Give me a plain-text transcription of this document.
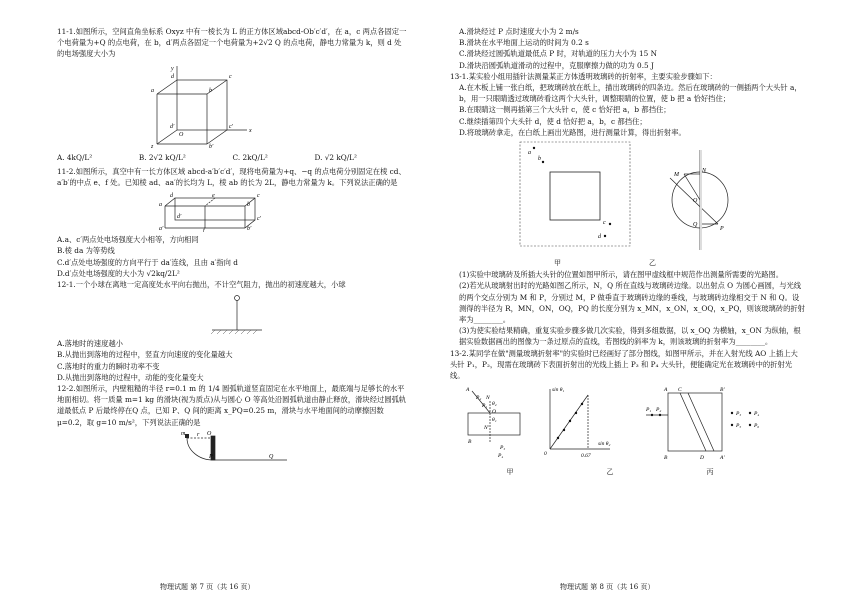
11-1.如图所示，空间直角坐标系 Oxyz 中有一棱长为 L 的正方体区域abcd-Ob′c′d′，在 a，c 两点各固定一个电荷量为+Q 的点电荷，在 b，d′两点各固定一个电荷量为+2√2 Q 的点电荷，静电力常量为 k，则 d 处的电场强度大小为

y
d	c
a	b
d′	c′
O
b′
z
x
A. 4kQ/L²	B. 2√2 kQ/L²	C. 2kQ/L²	D. √2 kQ/L²

11-2.如图所示，真空中有一长方体区域 abcd-a′b′c′d′，现将电荷量为+q、−q 的点电荷分别固定在棱 cd、a′b′的中点 e、f 处。已知棱 ad、aa′的长均为 L，棱 ab 的长为 2L，静电力常量为 k。下列说法正确的是

d	e	c
a	b
d′	c′
a′	f	b′

A.a、c′两点处电场强度大小相等，方向相同

B.棱 da 为等势线

C.d′点处电场强度的方向平行于 da′连线，且由 a′指向 d

D.d′点处电场强度的大小为 √2kq/2L²

12-1.一个小球在离地一定高度处水平向右抛出，不计空气阻力，抛出的初速度越大，小球

A.落地时的速度越小

B.从抛出到落地的过程中，竖直方向速度的变化量越大

C.落地时的重力的瞬时功率不变

D.从抛出到落地的过程中，动能的变化量变大

12-2.如图所示，内壁粗糙的半径 r=0.1 m 的 1/4 圆弧轨道竖直固定在水平地面上，最底端与足够长的水平地面相切。将一质量 m=1 kg 的滑块(视为质点)从与圆心 O 等高处沿圆弧轨道由静止释放，滑块经过圆弧轨道最低点 P 后最终停在Q 点，已知 P、Q 间的距离 x_PQ=0.25 m，滑块与水平地面间的动摩擦因数 μ=0.2，取 g=10 m/s²，下列说法正确的是

m r O
P	Q
物理试题 第 7 页（共 16 页）

A.滑块经过 P 点时速度大小为 2 m/s

B.滑块在水平地面上运动的时间为 0.2 s

C.滑块经过圆弧轨道最低点 P 时，对轨道的压力大小为 15 N

D.滑块沿圆弧轨道滑动的过程中，克服摩擦力做的功为 0.5 J

13-1.某实验小组用插针法测量某正方体透明玻璃砖的折射率，主要实验步骤如下：

A.在木板上铺一张白纸，把玻璃砖放在纸上，描出玻璃砖的四条边。然后在玻璃砖的一侧插两个大头针 a，b，用一只眼睛透过玻璃砖看这两个大头针，调整眼睛的位置，使 b 把 a 恰好挡住；

B.在眼睛这一侧再插第三个大头针 c，使 c 恰好把 a，b 都挡住；

C.继续插第四个大头针 d，使 d 恰好把 a，b，c 都挡住；

D.将玻璃砖拿走，在白纸上画出光路图，进行测量计算，得出折射率。

a
b
c
d
M
N
O
Q
P
甲	乙

(1)实验中玻璃砖及所插大头针的位置如图甲所示，请在图甲虚线框中规范作出测量所需要的光路图。

(2)若光从玻璃射出时的光路如图乙所示，N，Q 所在直线与玻璃砖边缘。以出射点 O 为圆心画圆，与光线的两个交点分别为 M 和 P，分别过 M，P 做垂直于玻璃砖边缘的垂线，与玻璃砖边缘相交于 N 和 Q。设测得的半径为 R，MN，ON，OQ，PQ 的长度分别为 x_MN，x_ON，x_OQ，x_PQ，则该玻璃砖的折射率为________。

(3)为使实验结果精确，重复实验步骤多做几次实验，得到多组数据，以 x_OQ 为横轴，x_ON 为纵轴，根据实验数据画出的图像为一条过原点的直线，若图线的斜率为 k，则该玻璃的折射率为________。

13-2.某同学在做"测量玻璃折射率"的实验时已经画好了部分图线，如图甲所示，并在入射光线 AO 上插上大头针 P₁，P₂，现需在玻璃砖下表面折射出的光线上插上 P₃ 和 P₄ 大头针，便能确定光在玻璃砖中的折射光线。

A
P₂
P₁ θ₂
O
θ₁
N
B
N′
P₃
P₄
sin θ₁
sin θ₂
0	0.67
A C	B′
P₁ P₂
P₃ P₄
P₅ P₆
B	D	A′
甲	乙	丙
物理试题 第 8 页（共 16 页）
